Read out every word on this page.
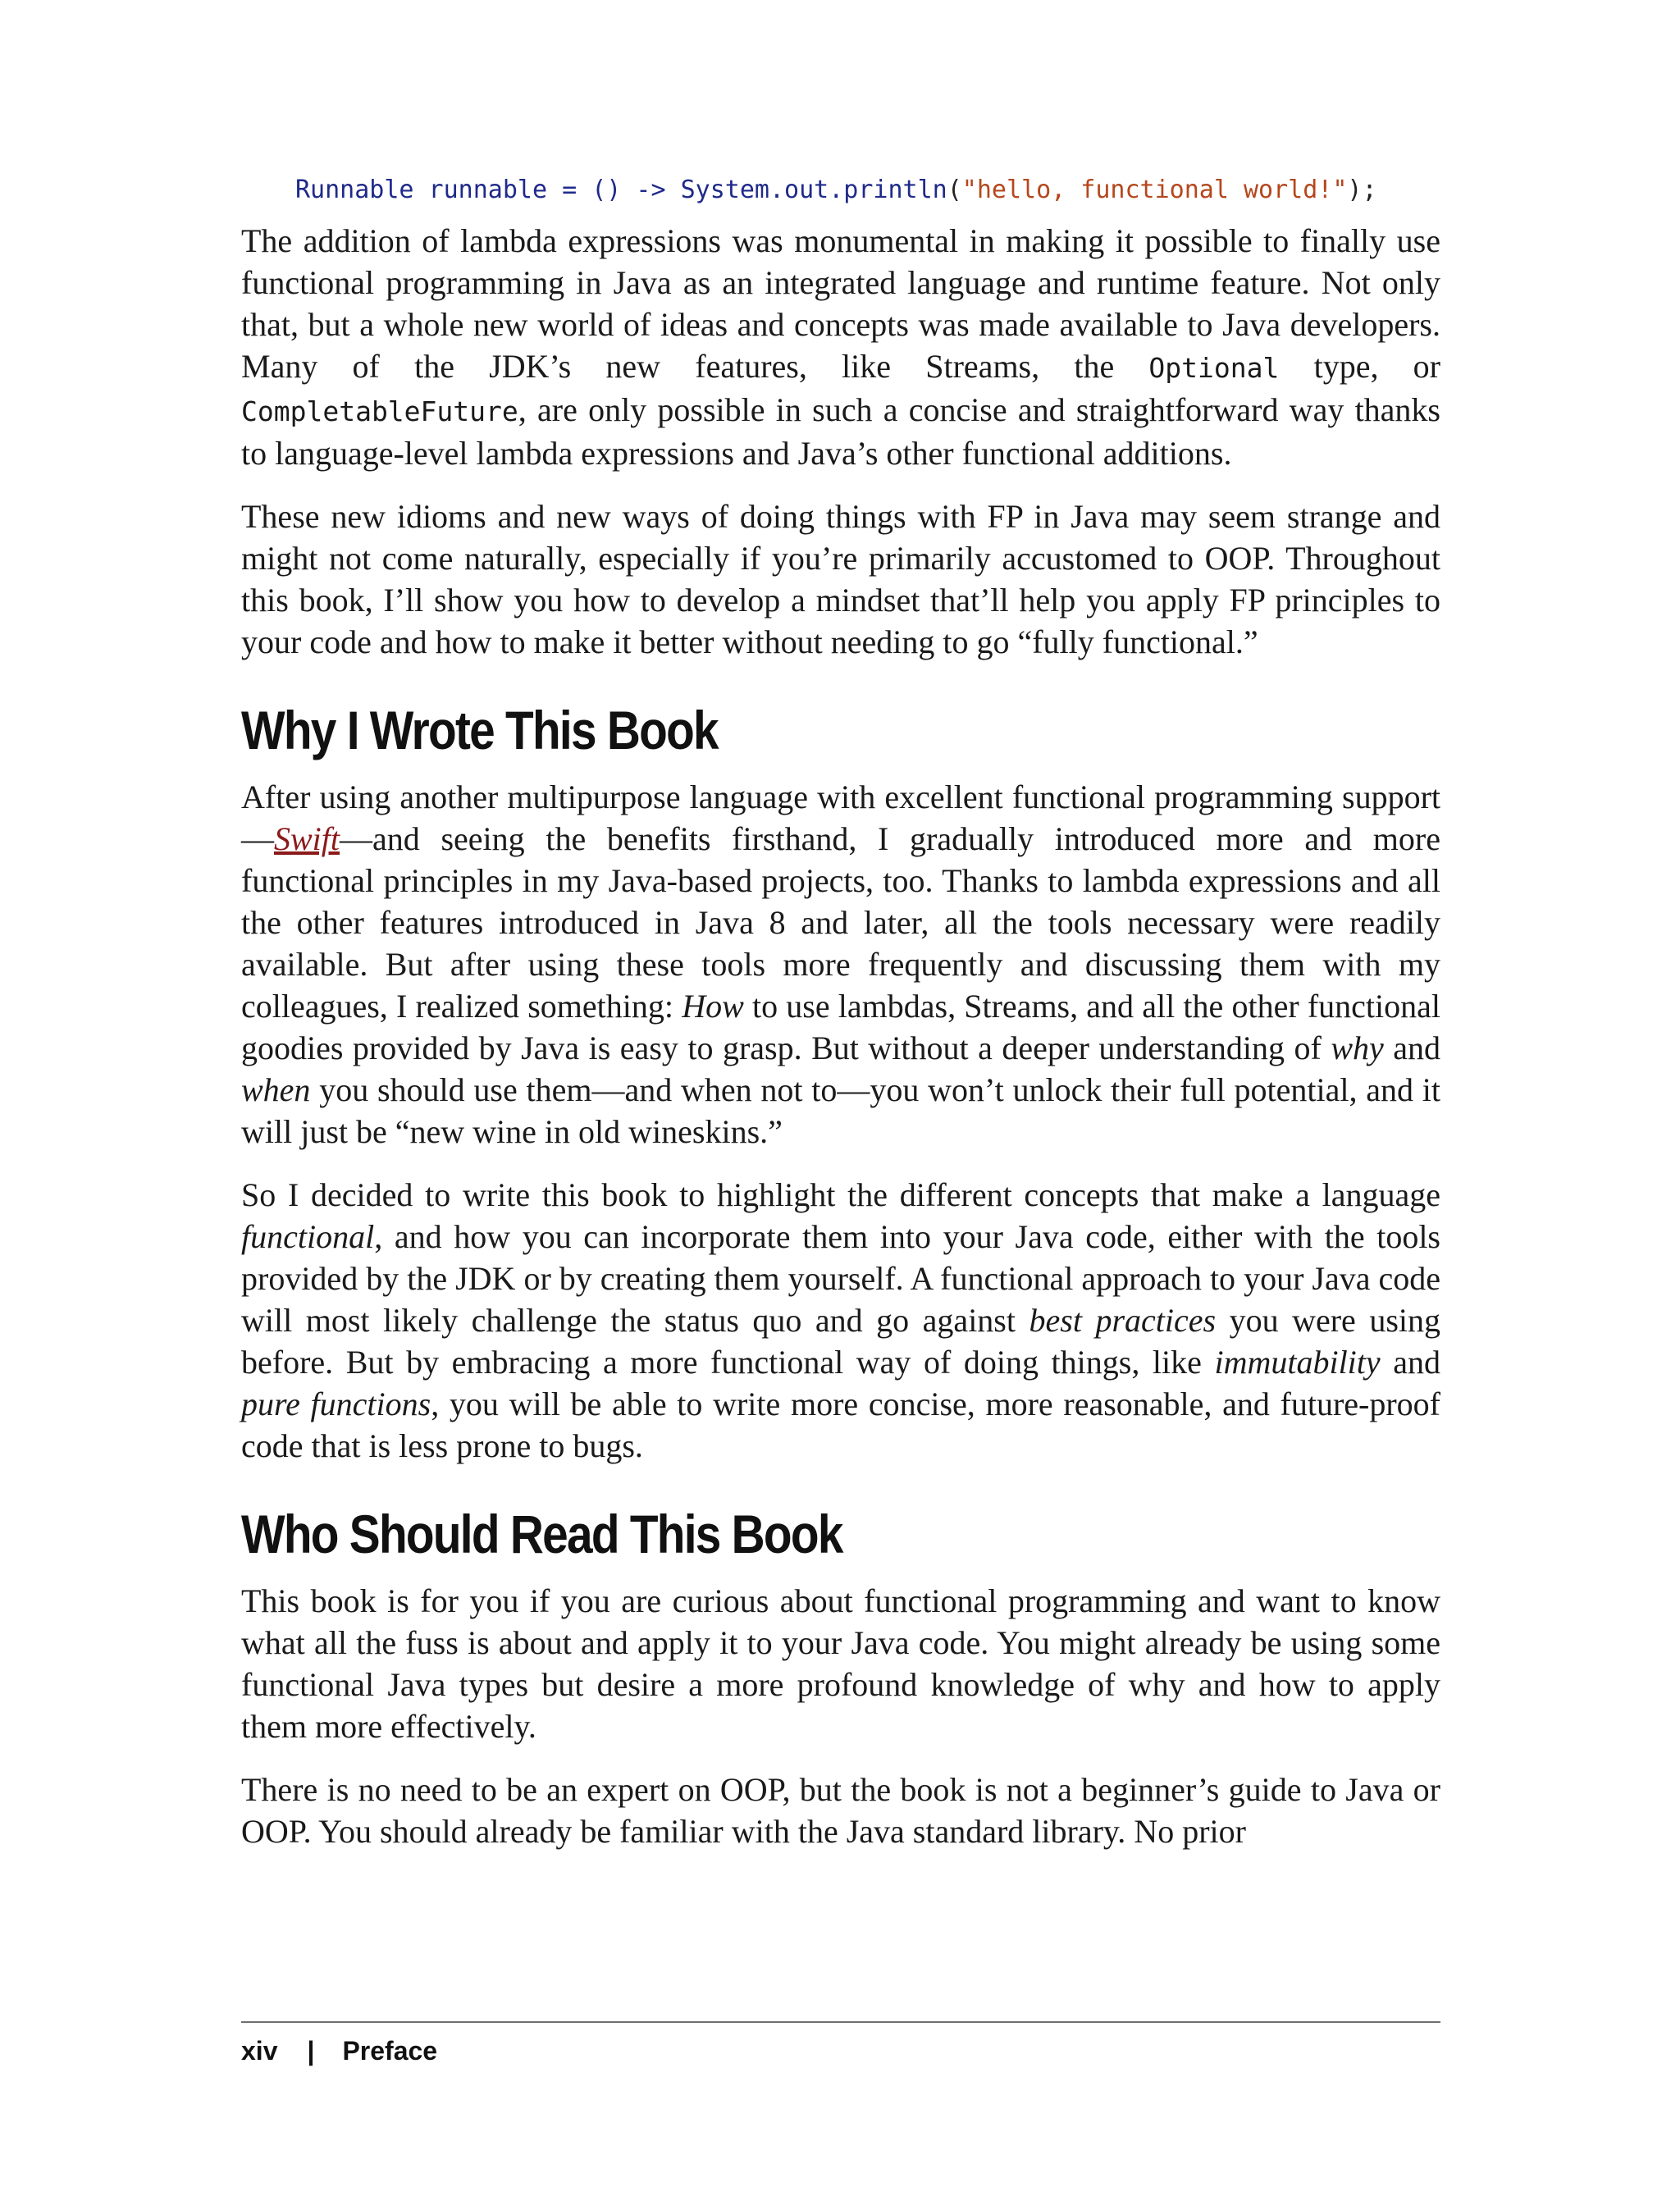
Runnable runnable = () -> System.out.println("hello, functional world!");

The addition of lambda expressions was monumental in making it possible to finally use functional programming in Java as an integrated language and runtime feature. Not only that, but a whole new world of ideas and concepts was made available to Java developers. Many of the JDK’s new features, like Streams, the Optional type, or CompletableFuture, are only possible in such a concise and straightforward way thanks to language-level lambda expressions and Java’s other functional additions.

These new idioms and new ways of doing things with FP in Java may seem strange and might not come naturally, especially if you’re primarily accustomed to OOP. Throughout this book, I’ll show you how to develop a mindset that’ll help you apply FP principles to your code and how to make it better without needing to go “fully functional.”

Why I Wrote This Book

After using another multipurpose language with excellent functional programming support—Swift—and seeing the benefits firsthand, I gradually introduced more and more functional principles in my Java-based projects, too. Thanks to lambda expressions and all the other features introduced in Java 8 and later, all the tools necessary were readily available. But after using these tools more frequently and discussing them with my colleagues, I realized something: How to use lambdas, Streams, and all the other functional goodies provided by Java is easy to grasp. But without a deeper understanding of why and when you should use them—and when not to—you won’t unlock their full potential, and it will just be “new wine in old wineskins.”

So I decided to write this book to highlight the different concepts that make a language functional, and how you can incorporate them into your Java code, either with the tools provided by the JDK or by creating them yourself. A functional approach to your Java code will most likely challenge the status quo and go against best practices you were using before. But by embracing a more functional way of doing things, like immutability and pure functions, you will be able to write more concise, more reasonable, and future-proof code that is less prone to bugs.

Who Should Read This Book

This book is for you if you are curious about functional programming and want to know what all the fuss is about and apply it to your Java code. You might already be using some functional Java types but desire a more profound knowledge of why and how to apply them more effectively.

There is no need to be an expert on OOP, but the book is not a beginner’s guide to Java or OOP. You should already be familiar with the Java standard library. No prior

xiv | Preface
